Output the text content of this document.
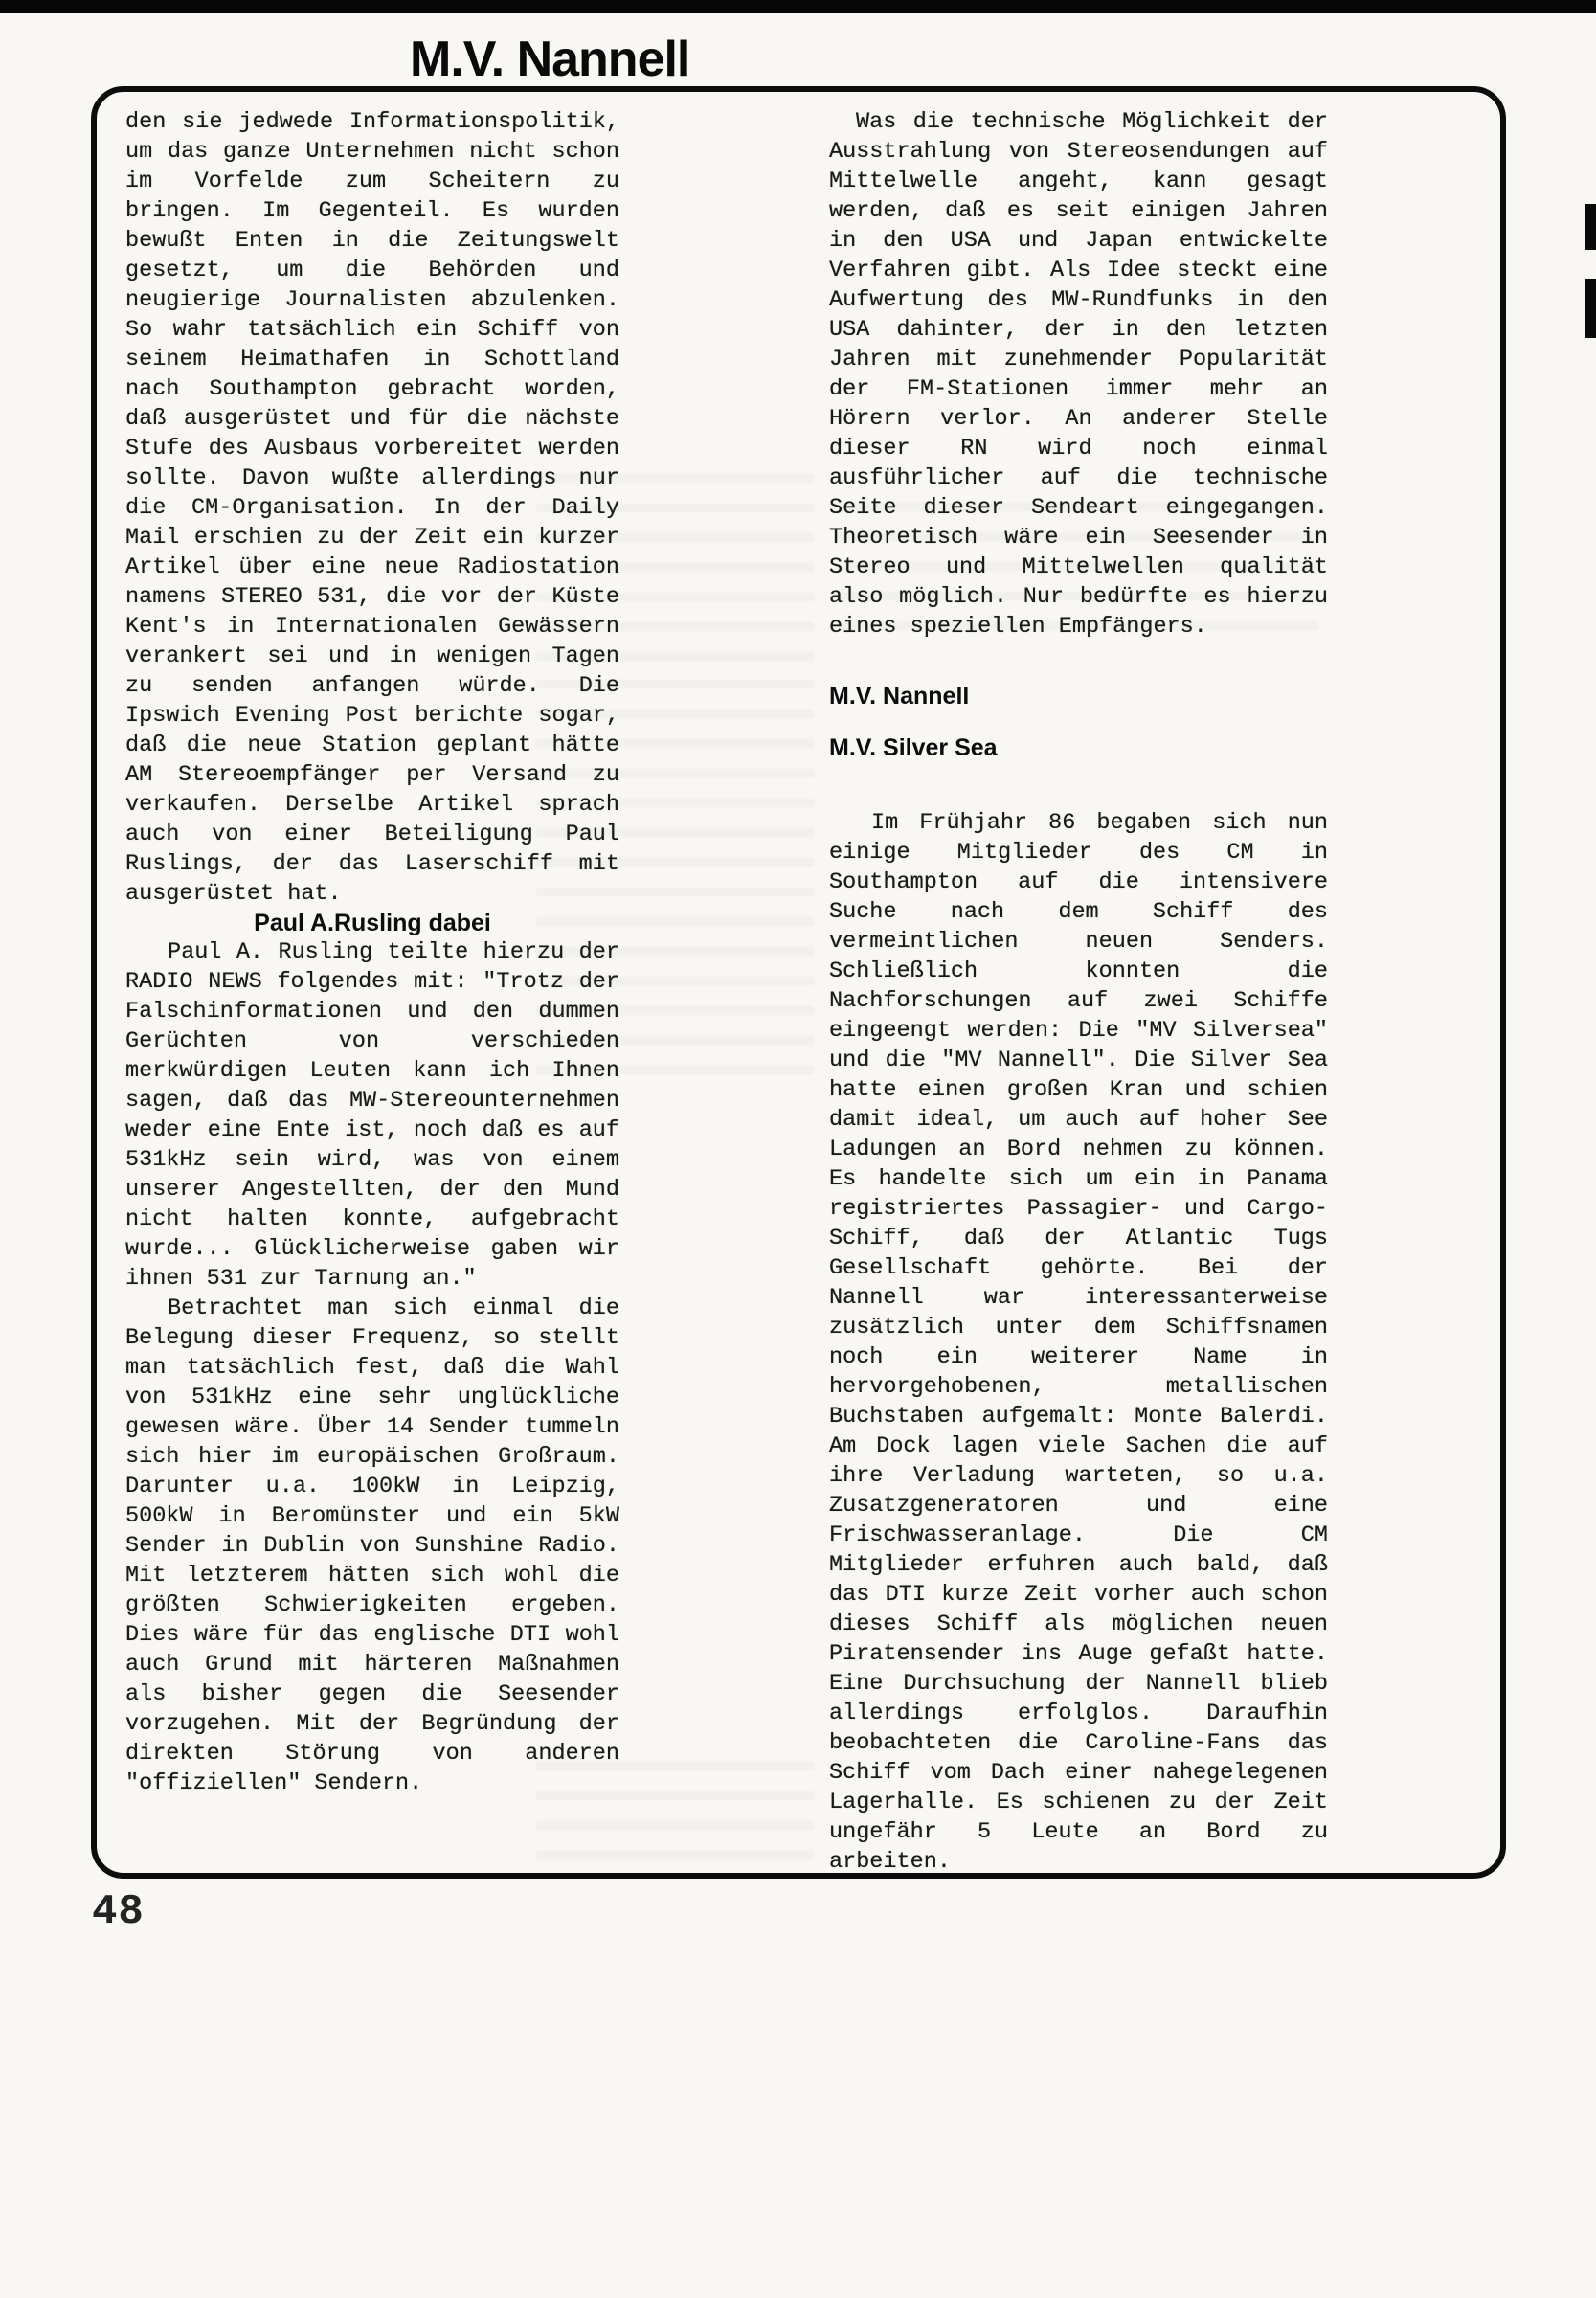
M.V. Nannell

den sie jedwede Informationspolitik, um das ganze Unternehmen nicht schon im Vorfelde zum Scheitern zu bringen. Im Gegenteil. Es wurden bewußt Enten in die Zeitungswelt gesetzt, um die Behörden und neugierige Journalisten abzulenken. So wahr tatsächlich ein Schiff von seinem Heimathafen in Schottland nach Southampton gebracht worden, daß ausgerüstet und für die nächste Stufe des Ausbaus vorbereitet werden sollte. Davon wußte allerdings nur die CM-Organisation. In der Daily Mail erschien zu der Zeit ein kurzer Artikel über eine neue Radiostation namens STEREO 531, die vor der Küste Kent's in Internationalen Gewässern verankert sei und in wenigen Tagen zu senden anfangen würde. Die Ipswich Evening Post berichte sogar, daß die neue Station geplant hätte AM Stereoempfänger per Versand zu verkaufen. Derselbe Artikel sprach auch von einer Beteiligung Paul Ruslings, der das Laserschiff mit ausgerüstet hat.

Paul A.Rusling dabei

Paul A. Rusling teilte hierzu der RADIO NEWS folgendes mit: "Trotz der Falschinformationen und den dummen Gerüchten von verschieden merkwürdigen Leuten kann ich Ihnen sagen, daß das MW-Stereounternehmen weder eine Ente ist, noch daß es auf 531kHz sein wird, was von einem unserer Angestellten, der den Mund nicht halten konnte, aufgebracht wurde... Glücklicherweise gaben wir ihnen 531 zur Tarnung an."

Betrachtet man sich einmal die Belegung dieser Frequenz, so stellt man tatsächlich fest, daß die Wahl von 531kHz eine sehr unglückliche gewesen wäre. Über 14 Sender tummeln sich hier im europäischen Großraum. Darunter u.a. 100kW in Leipzig, 500kW in Beromünster und ein 5kW Sender in Dublin von Sunshine Radio. Mit letzterem hätten sich wohl die größten Schwierigkeiten ergeben. Dies wäre für das englische DTI wohl auch Grund mit härteren Maßnahmen als bisher gegen die Seesender vorzugehen. Mit der Begründung der direkten Störung von anderen "offiziellen" Sendern.

Was die technische Möglichkeit der Ausstrahlung von Stereosendungen auf Mittelwelle angeht, kann gesagt werden, daß es seit einigen Jahren in den USA und Japan entwickelte Verfahren gibt. Als Idee steckt eine Aufwertung des MW-Rundfunks in den USA dahinter, der in den letzten Jahren mit zunehmender Popularität der FM-Stationen immer mehr an Hörern verlor. An anderer Stelle dieser RN wird noch einmal ausführlicher auf die technische Seite dieser Sendeart eingegangen. Theoretisch wäre ein Seesender in Stereo und Mittelwellen qualität also möglich. Nur bedürfte es hierzu eines speziellen Empfängers.

M.V. Nannell

M.V. Silver Sea

Im Frühjahr 86 begaben sich nun einige Mitglieder des CM in Southampton auf die intensivere Suche nach dem Schiff des vermeintlichen neuen Senders. Schließlich konnten die Nachforschungen auf zwei Schiffe eingeengt werden: Die "MV Silversea" und die "MV Nannell". Die Silver Sea hatte einen großen Kran und schien damit ideal, um auch auf hoher See Ladungen an Bord nehmen zu können. Es handelte sich um ein in Panama registriertes Passagier- und Cargo-Schiff, daß der Atlantic Tugs Gesellschaft gehörte. Bei der Nannell war interessanterweise zusätzlich unter dem Schiffsnamen noch ein weiterer Name in hervorgehobenen, metallischen Buchstaben aufgemalt: Monte Balerdi. Am Dock lagen viele Sachen die auf ihre Verladung warteten, so u.a. Zusatzgeneratoren und eine Frischwasseranlage. Die CM Mitglieder erfuhren auch bald, daß das DTI kurze Zeit vorher auch schon dieses Schiff als möglichen neuen Piratensender ins Auge gefaßt hatte. Eine Durchsuchung der Nannell blieb allerdings erfolglos. Daraufhin beobachteten die Caroline-Fans das Schiff vom Dach einer nahegelegenen Lagerhalle. Es schienen zu der Zeit ungefähr 5 Leute an Bord zu arbeiten.

48
